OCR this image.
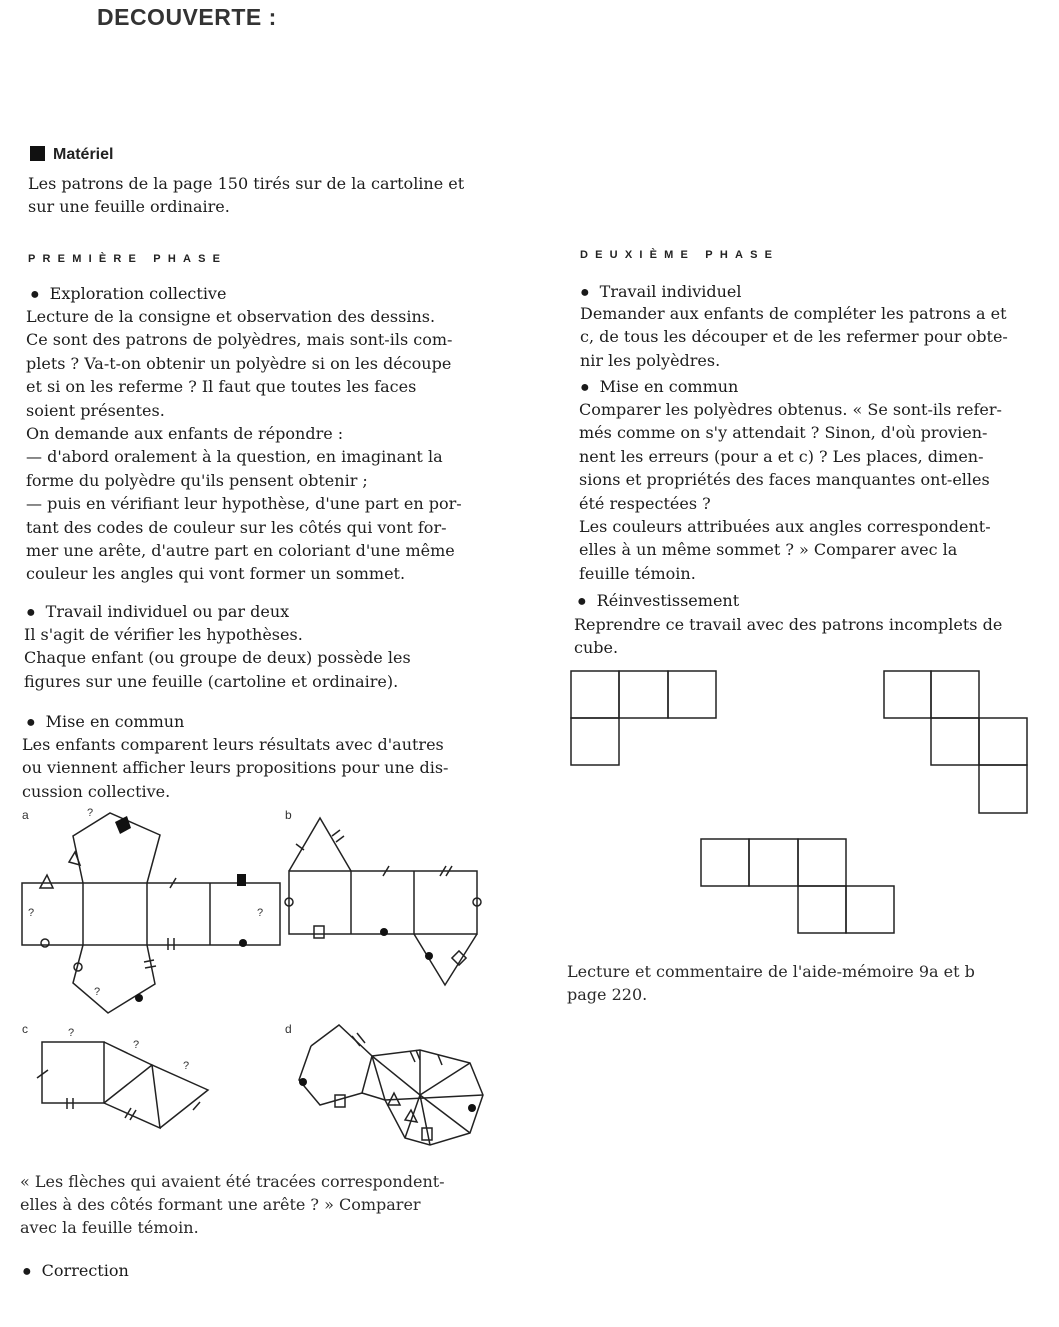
DECOUVERTE :
Matériel
Les patrons de la page 150 tirés sur de la cartoline et
sur une feuille ordinaire.
PREMIÈRE PHASE
● Exploration collective
Lecture de la consigne et observation des dessins.
Ce sont des patrons de polyèdres, mais sont-ils com-
plets ? Va-t-on obtenir un polyèdre si on les découpe
et si on les referme ? Il faut que toutes les faces
soient présentes.
On demande aux enfants de répondre :
— d'abord oralement à la question, en imaginant la
forme du polyèdre qu'ils pensent obtenir ;
— puis en vérifiant leur hypothèse, d'une part en por-
tant des codes de couleur sur les côtés qui vont for-
mer une arête, d'autre part en coloriant d'une même
couleur les angles qui vont former un sommet.
● Travail individuel ou par deux
Il s'agit de vérifier les hypothèses.
Chaque enfant (ou groupe de deux) possède les
figures sur une feuille (cartoline et ordinaire).
● Mise en commun
Les enfants comparent leurs résultats avec d'autres
ou viennent afficher leurs propositions pour une dis-
cussion collective.
a	?
?	?
?
b
c	?
?
?
d
« Les flèches qui avaient été tracées correspondent-
elles à des côtés formant une arête ? » Comparer
avec la feuille témoin.
● Correction
DEUXIÈME PHASE
● Travail individuel
Demander aux enfants de compléter les patrons a et
c, de tous les découper et de les refermer pour obte-
nir les polyèdres.
● Mise en commun
Comparer les polyèdres obtenus. « Se sont-ils refer-
més comme on s'y attendait ? Sinon, d'où provien-
nent les erreurs (pour a et c) ? Les places, dimen-
sions et propriétés des faces manquantes ont-elles
été respectées ?
Les couleurs attribuées aux angles correspondent-
elles à un même sommet ? » Comparer avec la
feuille témoin.
● Réinvestissement
Reprendre ce travail avec des patrons incomplets de
cube.
Lecture et commentaire de l'aide-mémoire 9a et b
page 220.
